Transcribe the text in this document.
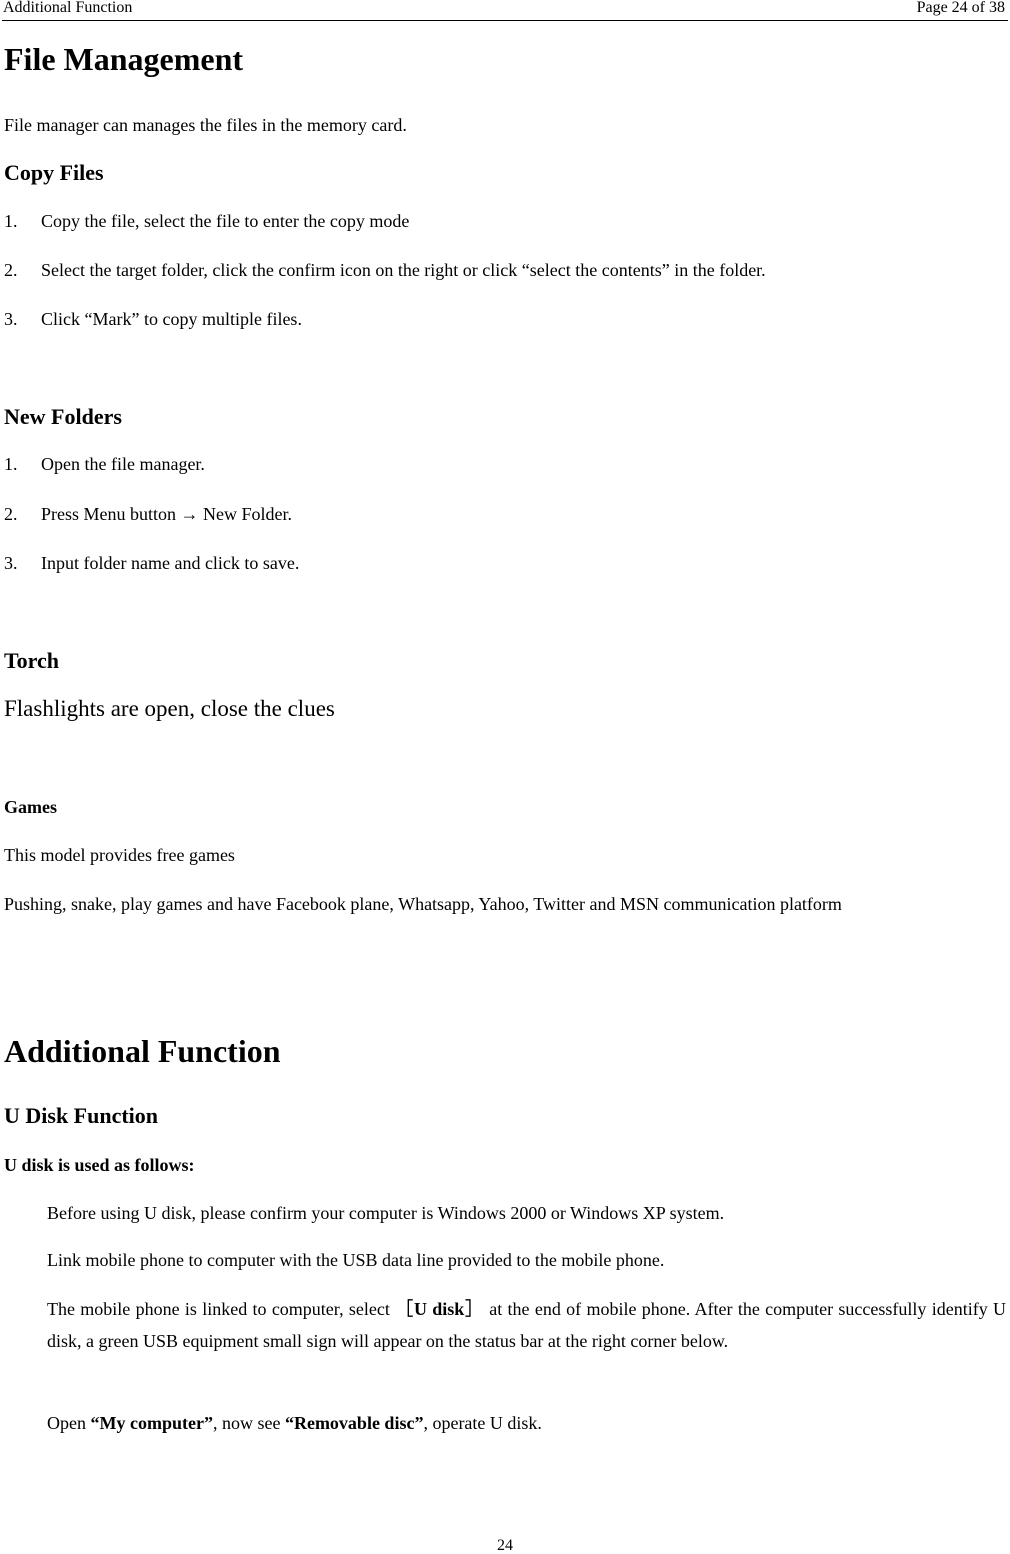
Additional Function	Page 24 of 38
File Management
File manager can manages the files in the memory card.
Copy Files
1.	Copy the file, select the file to enter the copy mode
2.	Select the target folder, click the confirm icon on the right or click “select the contents” in the folder.
3.	Click “Mark” to copy multiple files.
New Folders
1.	Open the file manager.
2.	Press Menu button → New Folder.
3.	Input folder name and click to save.
Torch
Flashlights are open, close the clues
Games
This model provides free games
Pushing, snake, play games and have Facebook plane, Whatsapp, Yahoo, Twitter and MSN communication platform
Additional Function
U Disk Function
U disk is used as follows:
Before using U disk, please confirm your computer is Windows 2000 or Windows XP system.
Link mobile phone to computer with the USB data line provided to the mobile phone.
The mobile phone is linked to computer, select ［U disk］ at the end of mobile phone. After the computer successfully identify U disk, a green USB equipment small sign will appear on the status bar at the right corner below.
Open “My computer”, now see “Removable disc”, operate U disk.
24
